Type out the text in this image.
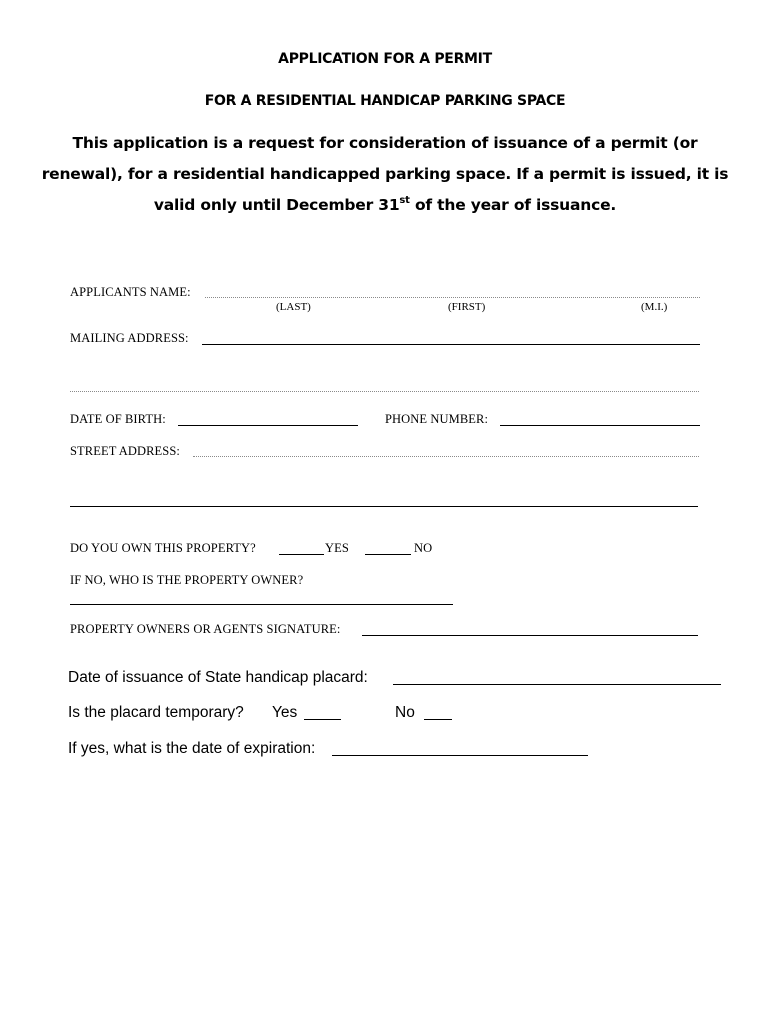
APPLICATION FOR A PERMIT
FOR A RESIDENTIAL HANDICAP PARKING SPACE
This application is a request for consideration of issuance of a permit (or
renewal), for a residential handicapped parking space. If a permit is issued, it is
valid only until December 31st of the year of issuance.
APPLICANTS NAME:
(LAST)	(FIRST)	(M.I.)
MAILING ADDRESS:
DATE OF BIRTH:	PHONE NUMBER:
STREET ADDRESS:
DO YOU OWN THIS PROPERTY?	YES	NO
IF NO, WHO IS THE PROPERTY OWNER?
PROPERTY OWNERS OR AGENTS SIGNATURE:
Date of issuance of State handicap placard:
Is the placard temporary? Yes	No
If yes, what is the date of expiration:
